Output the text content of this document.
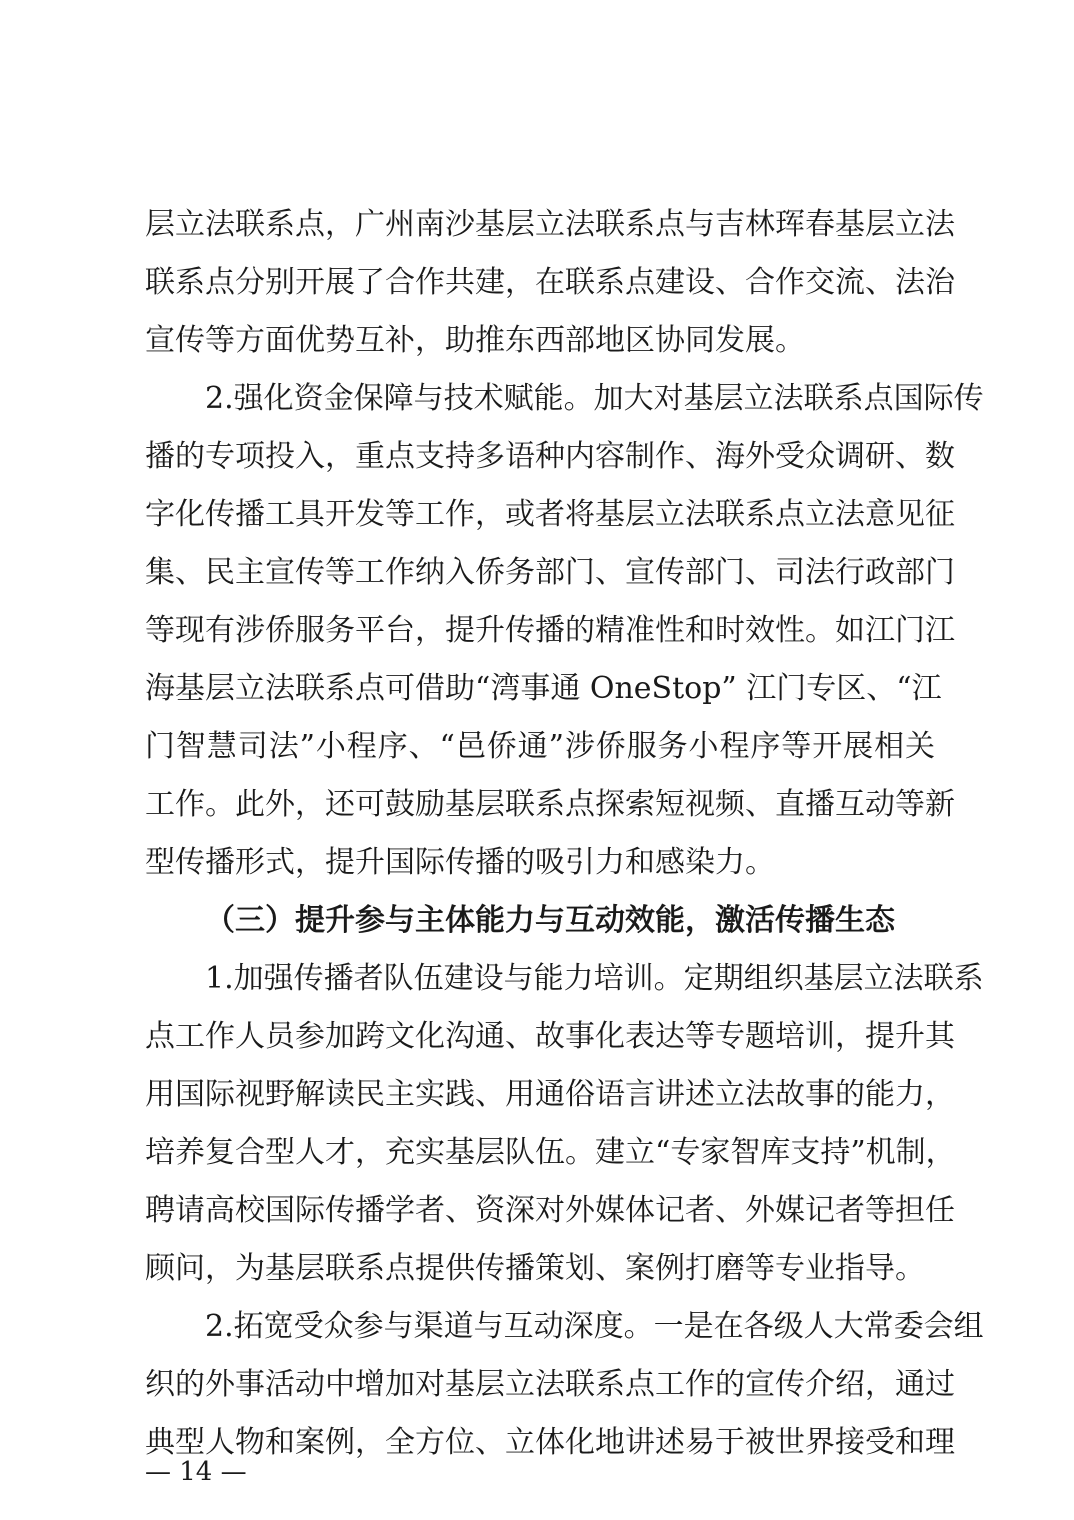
层立法联系点，广州南沙基层立法联系点与吉林珲春基层立法
联系点分别开展了合作共建，在联系点建设、合作交流、法治
宣传等方面优势互补，助推东西部地区协同发展。
2.强化资金保障与技术赋能。加大对基层立法联系点国际传
播的专项投入，重点支持多语种内容制作、海外受众调研、数
字化传播工具开发等工作，或者将基层立法联系点立法意见征
集、民主宣传等工作纳入侨务部门、宣传部门、司法行政部门
等现有涉侨服务平台，提升传播的精准性和时效性。如江门江
海基层立法联系点可借助“湾事通 OneStop” 江门专区、“江
门智慧司法”小程序、“邑侨通”涉侨服务小程序等开展相关
工作。此外，还可鼓励基层联系点探索短视频、直播互动等新
型传播形式，提升国际传播的吸引力和感染力。
（三）提升参与主体能力与互动效能，激活传播生态
1.加强传播者队伍建设与能力培训。定期组织基层立法联系
点工作人员参加跨文化沟通、故事化表达等专题培训，提升其
用国际视野解读民主实践、用通俗语言讲述立法故事的能力，
培养复合型人才，充实基层队伍。建立“专家智库支持”机制，
聘请高校国际传播学者、资深对外媒体记者、外媒记者等担任
顾问，为基层联系点提供传播策划、案例打磨等专业指导。
2.拓宽受众参与渠道与互动深度。一是在各级人大常委会组
织的外事活动中增加对基层立法联系点工作的宣传介绍，通过
典型人物和案例，全方位、立体化地讲述易于被世界接受和理
— 14 —
